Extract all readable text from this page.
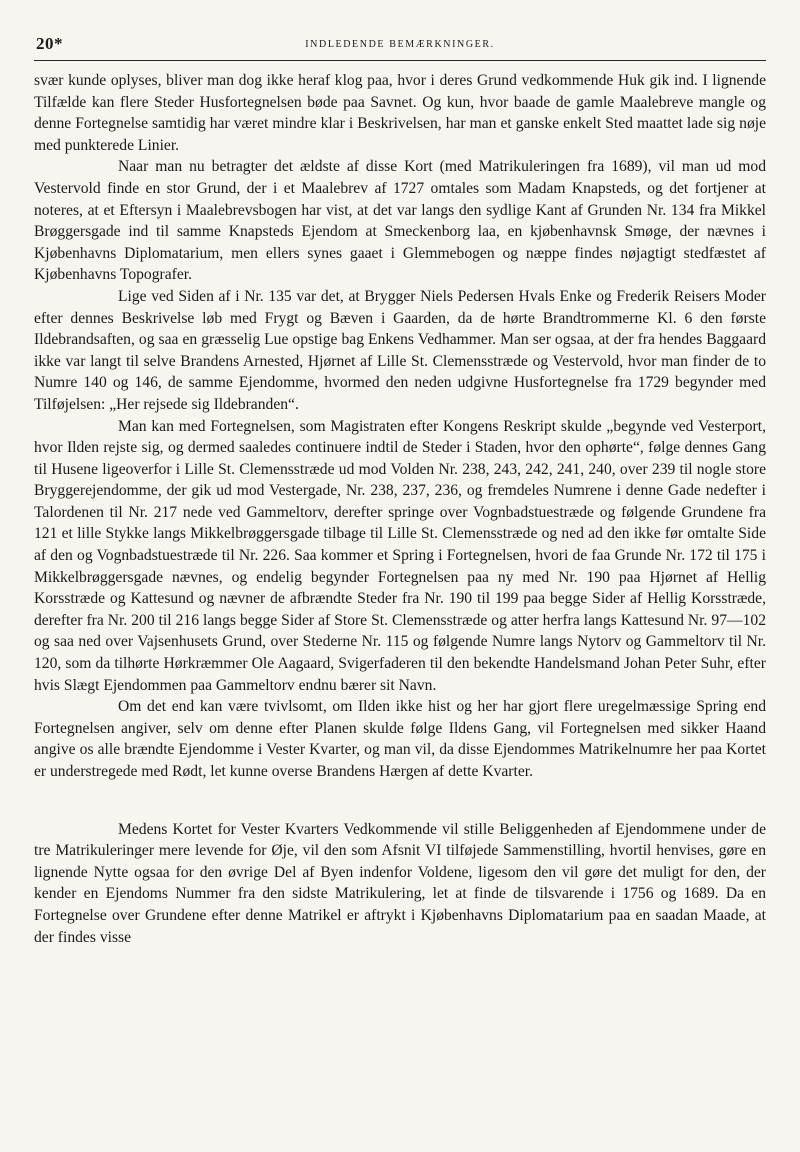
20*	INDLEDENDE BEMÆRKNINGER.

svær kunde oplyses, bliver man dog ikke heraf klog paa, hvor i deres Grund vedkommende Huk gik ind. I lignende Tilfælde kan flere Steder Husfortegnelsen bøde paa Savnet. Og kun, hvor baade de gamle Maalebreve mangle og denne Fortegnelse samtidig har været mindre klar i Beskrivelsen, har man et ganske enkelt Sted maattet lade sig nøje med punkterede Linier.

Naar man nu betragter det ældste af disse Kort (med Matrikuleringen fra 1689), vil man ud mod Vestervold finde en stor Grund, der i et Maalebrev af 1727 omtales som Madam Knapsteds, og det fortjener at noteres, at et Eftersyn i Maalebrevsbogen har vist, at det var langs den sydlige Kant af Grunden Nr. 134 fra Mikkel Brøggersgade ind til samme Knapsteds Ejendom at Smeckenborg laa, en kjøbenhavnsk Smøge, der nævnes i Kjøbenhavns Diplomatarium, men ellers synes gaaet i Glemmebogen og næppe findes nøjagtigt stedfæstet af Kjøbenhavns Topografer.

Lige ved Siden af i Nr. 135 var det, at Brygger Niels Pedersen Hvals Enke og Frederik Reisers Moder efter dennes Beskrivelse løb med Frygt og Bæven i Gaarden, da de hørte Brandtrommerne Kl. 6 den første Ildebrandsaften, og saa en græsselig Lue opstige bag Enkens Vedhammer. Man ser ogsaa, at der fra hendes Baggaard ikke var langt til selve Brandens Arnested, Hjørnet af Lille St. Clemensstræde og Vestervold, hvor man finder de to Numre 140 og 146, de samme Ejendomme, hvormed den neden udgivne Husfortegnelse fra 1729 begynder med Tilføjelsen: „Her rejsede sig Ildebranden“.

Man kan med Fortegnelsen, som Magistraten efter Kongens Reskript skulde „begynde ved Vesterport, hvor Ilden rejste sig, og dermed saaledes continuere indtil de Steder i Staden, hvor den ophørte“, følge dennes Gang til Husene ligeoverfor i Lille St. Clemensstræde ud mod Volden Nr. 238, 243, 242, 241, 240, over 239 til nogle store Bryggerejendomme, der gik ud mod Vestergade, Nr. 238, 237, 236, og fremdeles Numrene i denne Gade nedefter i Talordenen til Nr. 217 nede ved Gammeltorv, derefter springe over Vognbadstuestræde og følgende Grundene fra 121 et lille Stykke langs Mikkelbrøggersgade tilbage til Lille St. Clemensstræde og ned ad den ikke før omtalte Side af den og Vognbadstuestræde til Nr. 226. Saa kommer et Spring i Fortegnelsen, hvori de faa Grunde Nr. 172 til 175 i Mikkelbrøggersgade nævnes, og endelig begynder Fortegnelsen paa ny med Nr. 190 paa Hjørnet af Hellig Korsstræde og Kattesund og nævner de afbrændte Steder fra Nr. 190 til 199 paa begge Sider af Hellig Korsstræde, derefter fra Nr. 200 til 216 langs begge Sider af Store St. Clemensstræde og atter herfra langs Kattesund Nr. 97—102 og saa ned over Vajsenhusets Grund, over Stederne Nr. 115 og følgende Numre langs Nytorv og Gammeltorv til Nr. 120, som da tilhørte Hørkræmmer Ole Aagaard, Svigerfaderen til den bekendte Handelsmand Johan Peter Suhr, efter hvis Slægt Ejendommen paa Gammeltorv endnu bærer sit Navn.

Om det end kan være tvivlsomt, om Ilden ikke hist og her har gjort flere uregelmæssige Spring end Fortegnelsen angiver, selv om denne efter Planen skulde følge Ildens Gang, vil Fortegnelsen med sikker Haand angive os alle brændte Ejendomme i Vester Kvarter, og man vil, da disse Ejendommes Matrikelnumre her paa Kortet er understregede med Rødt, let kunne overse Brandens Hærgen af dette Kvarter.

Medens Kortet for Vester Kvarters Vedkommende vil stille Beliggenheden af Ejendommene under de tre Matrikuleringer mere levende for Øje, vil den som Afsnit VI tilføjede Sammenstilling, hvortil henvises, gøre en lignende Nytte ogsaa for den øvrige Del af Byen indenfor Voldene, ligesom den vil gøre det muligt for den, der kender en Ejendoms Nummer fra den sidste Matrikulering, let at finde de tilsvarende i 1756 og 1689. Da en Fortegnelse over Grundene efter denne Matrikel er aftrykt i Kjøbenhavns Diplomatarium paa en saadan Maade, at der findes visse
